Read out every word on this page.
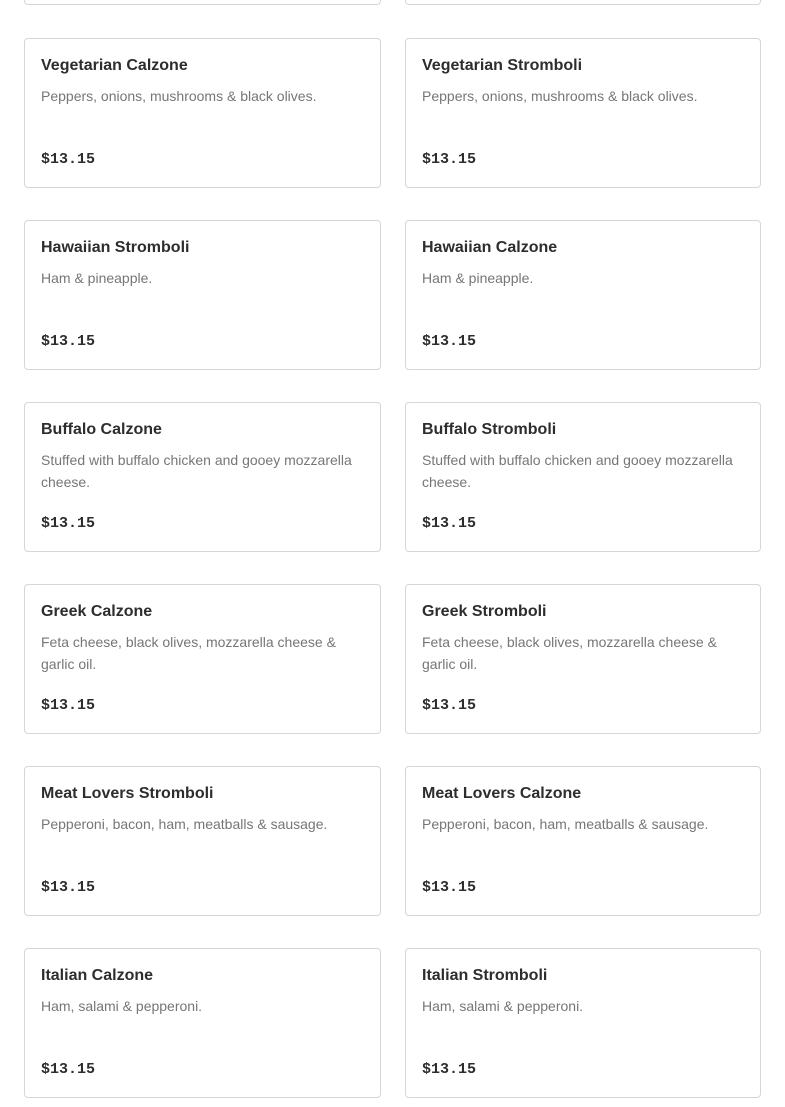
Vegetarian Calzone
Peppers, onions, mushrooms & black olives.
$13.15
Vegetarian Stromboli
Peppers, onions, mushrooms & black olives.
$13.15
Hawaiian Stromboli
Ham & pineapple.
$13.15
Hawaiian Calzone
Ham & pineapple.
$13.15
Buffalo Calzone
Stuffed with buffalo chicken and gooey mozzarella cheese.
$13.15
Buffalo Stromboli
Stuffed with buffalo chicken and gooey mozzarella cheese.
$13.15
Greek Calzone
Feta cheese, black olives, mozzarella cheese & garlic oil.
$13.15
Greek Stromboli
Feta cheese, black olives, mozzarella cheese & garlic oil.
$13.15
Meat Lovers Stromboli
Pepperoni, bacon, ham, meatballs & sausage.
$13.15
Meat Lovers Calzone
Pepperoni, bacon, ham, meatballs & sausage.
$13.15
Italian Calzone
Ham, salami & pepperoni.
$13.15
Italian Stromboli
Ham, salami & pepperoni.
$13.15
